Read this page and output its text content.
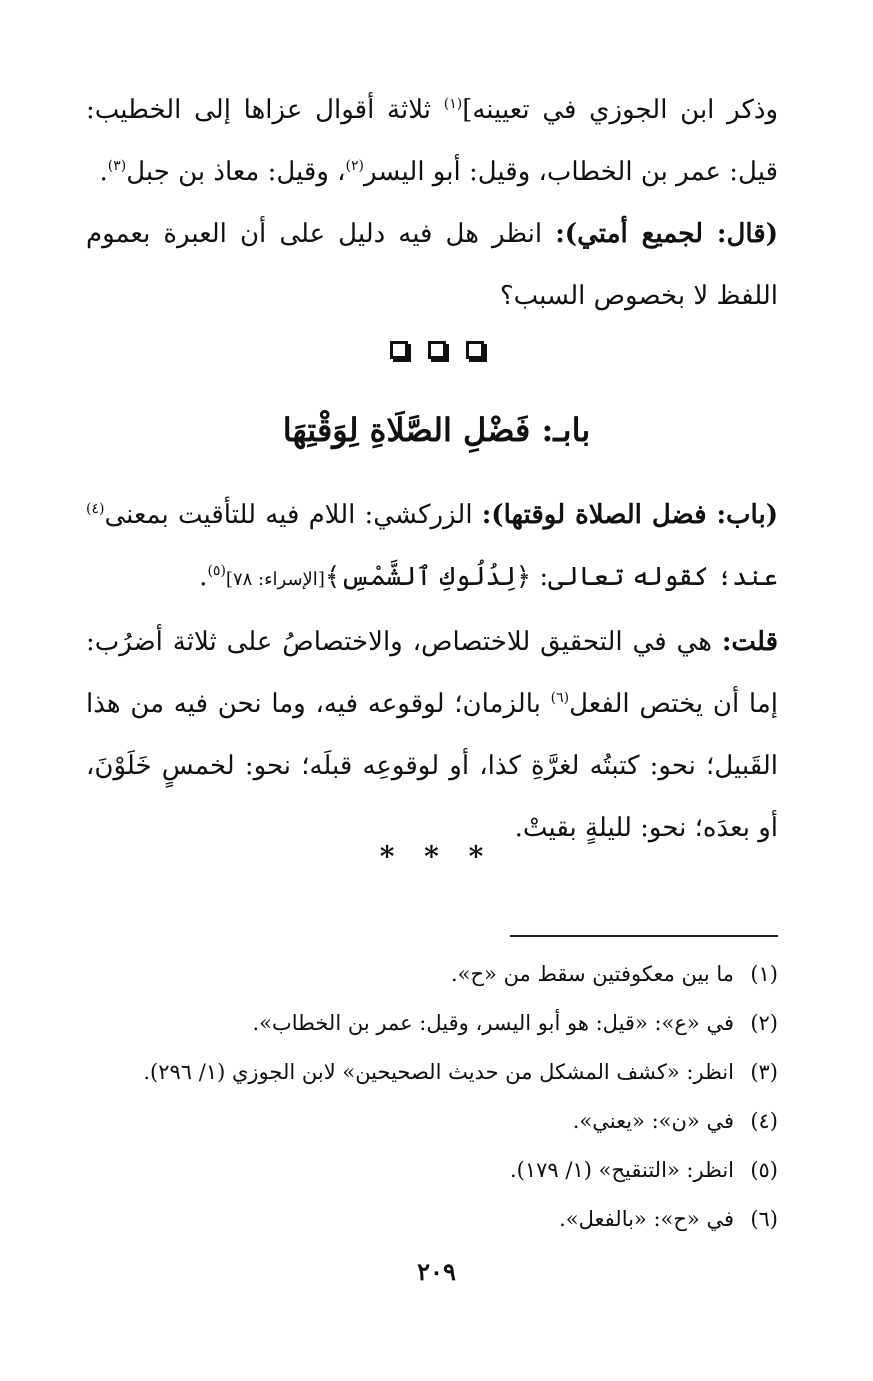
وذكر ابن الجوزي في تعيينه]$^{(١)}$ ثلاثة أقوال عزاها إلى الخطيب: قيل: عمر بن الخطاب، وقيل: أبو اليسر$^{(٢)}$، وقيل: معاذ بن جبل$^{(٣)}$.

(قال: لجميع أمتي): انظر هل فيه دليل على أن العبرة بعموم اللفظ لا بخصوص السبب؟

بابـ: فَضْلِ الصَّلَاةِ لِوَقْتِهَا

(باب: فضل الصلاة لوقتها): الزركشي: اللام فيه للتأقيت بمعنى$^{(٤)}$ عند؛ كقوله تعالى: ﴿لِدُلُوكِ ٱلشَّمْسِ﴾[الإسراء: ٧٨]$^{(٥)}$.

قلت: هي في التحقيق للاختصاص، والاختصاصُ على ثلاثة أضرُب: إما أن يختص الفعل$^{(٦)}$ بالزمان؛ لوقوعه فيه، وما نحن فيه من هذا القَبيل؛ نحو: كتبتُه لغرَّةِ كذا، أو لوقوعِه قبلَه؛ نحو: لخمسٍ خَلَوْنَ، أو بعدَه؛ نحو: لليلةٍ بقيتْ.

* * *
(١)ما بين معكوفتين سقط من «ح».
(٢)في «ع»: «قيل: هو أبو اليسر، وقيل: عمر بن الخطاب».
(٣)انظر: «كشف المشكل من حديث الصحيحين» لابن الجوزي (١/ ٢٩٦).
(٤)في «ن»: «يعني».
(٥)انظر: «التنقيح» (١/ ١٧٩).
(٦)في «ح»: «بالفعل».
٢٠٩
